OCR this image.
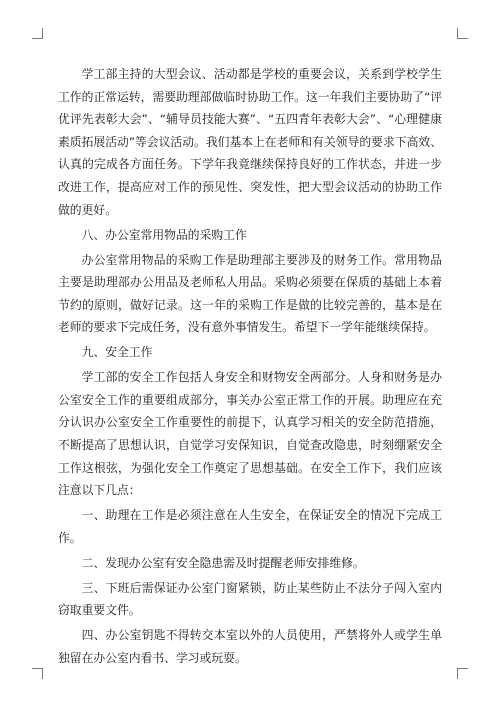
学工部主持的大型会议、活动都是学校的重要会议，关系到学校学生工作的正常运转，需要助理部做临时协助工作。这一年我们主要协助了“评优评先表彰大会”、“辅导员技能大赛”、“五四青年表彰大会”、“心理健康素质拓展活动”等会议活动。我们基本上在老师和有关领导的要求下高效、认真的完成各方面任务。下学年我竟继续保持良好的工作状态，并进一步改进工作，提高应对工作的预见性、突发性，把大型会议活动的协助工作做的更好。

八、办公室常用物品的采购工作

办公室常用物品的采购工作是助理部主要涉及的财务工作。常用物品主要是助理部办公用品及老师私人用品。采购必须要在保质的基础上本着节约的原则，做好记录。这一年的采购工作是做的比较完善的，基本是在老师的要求下完成任务，没有意外事情发生。希望下一学年能继续保持。

九、安全工作

学工部的安全工作包括人身安全和财物安全两部分。人身和财务是办公室安全工作的重要组成部分，事关办公室正常工作的开展。助理应在充分认识办公室安全工作重要性的前提下，认真学习相关的安全防范措施，不断提高了思想认识，自觉学习安保知识，自觉查改隐患，时刻绷紧安全工作这根弦，为强化安全工作奠定了思想基础。在安全工作下，我们应该注意以下几点：

一、助理在工作是必须注意在人生安全，在保证安全的情况下完成工作。

二、发现办公室有安全隐患需及时提醒老师安排维修。

三、下班后需保证办公室门窗紧锁，防止某些防止不法分子闯入室内窃取重要文件。

四、办公室钥匙不得转交本室以外的人员使用，严禁将外人或学生单独留在办公室内看书、学习或玩耍。
